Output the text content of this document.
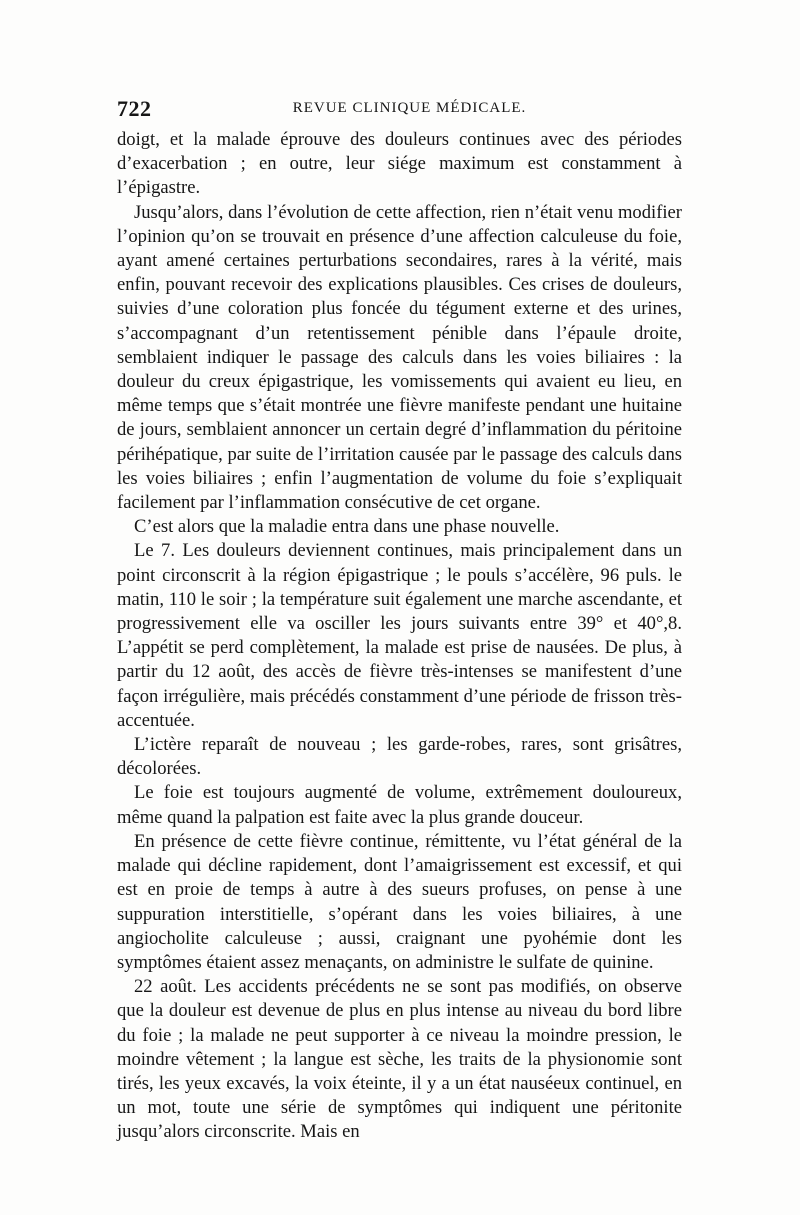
722	REVUE CLINIQUE MÉDICALE.

doigt, et la malade éprouve des douleurs continues avec des périodes d’exacerbation ; en outre, leur siége maximum est constamment à l’épigastre.

Jusqu’alors, dans l’évolution de cette affection, rien n’était venu modifier l’opinion qu’on se trouvait en présence d’une affection calculeuse du foie, ayant amené certaines perturbations secondaires, rares à la vérité, mais enfin, pouvant recevoir des explications plausibles. Ces crises de douleurs, suivies d’une coloration plus foncée du tégument externe et des urines, s’accompagnant d’un retentissement pénible dans l’épaule droite, semblaient indiquer le passage des calculs dans les voies biliaires : la douleur du creux épigastrique, les vomissements qui avaient eu lieu, en même temps que s’était montrée une fièvre manifeste pendant une huitaine de jours, semblaient annoncer un certain degré d’inflammation du péritoine périhépatique, par suite de l’irritation causée par le passage des calculs dans les voies biliaires ; enfin l’augmentation de volume du foie s’expliquait facilement par l’inflammation consécutive de cet organe.

C’est alors que la maladie entra dans une phase nouvelle.

Le 7. Les douleurs deviennent continues, mais principalement dans un point circonscrit à la région épigastrique ; le pouls s’accélère, 96 puls. le matin, 110 le soir ; la température suit également une marche ascendante, et progressivement elle va osciller les jours suivants entre 39° et 40°,8. L’appétit se perd complètement, la malade est prise de nausées. De plus, à partir du 12 août, des accès de fièvre très-intenses se manifestent d’une façon irrégulière, mais précédés constamment d’une période de frisson très-accentuée.

L’ictère reparaît de nouveau ; les garde-robes, rares, sont grisâtres, décolorées.

Le foie est toujours augmenté de volume, extrêmement douloureux, même quand la palpation est faite avec la plus grande douceur.

En présence de cette fièvre continue, rémittente, vu l’état général de la malade qui décline rapidement, dont l’amaigrissement est excessif, et qui est en proie de temps à autre à des sueurs profuses, on pense à une suppuration interstitielle, s’opérant dans les voies biliaires, à une angiocholite calculeuse ; aussi, craignant une pyohémie dont les symptômes étaient assez menaçants, on administre le sulfate de quinine.

22 août. Les accidents précédents ne se sont pas modifiés, on observe que la douleur est devenue de plus en plus intense au niveau du bord libre du foie ; la malade ne peut supporter à ce niveau la moindre pression, le moindre vêtement ; la langue est sèche, les traits de la physionomie sont tirés, les yeux excavés, la voix éteinte, il y a un état nauséeux continuel, en un mot, toute une série de symptômes qui indiquent une péritonite jusqu’alors circonscrite. Mais en
